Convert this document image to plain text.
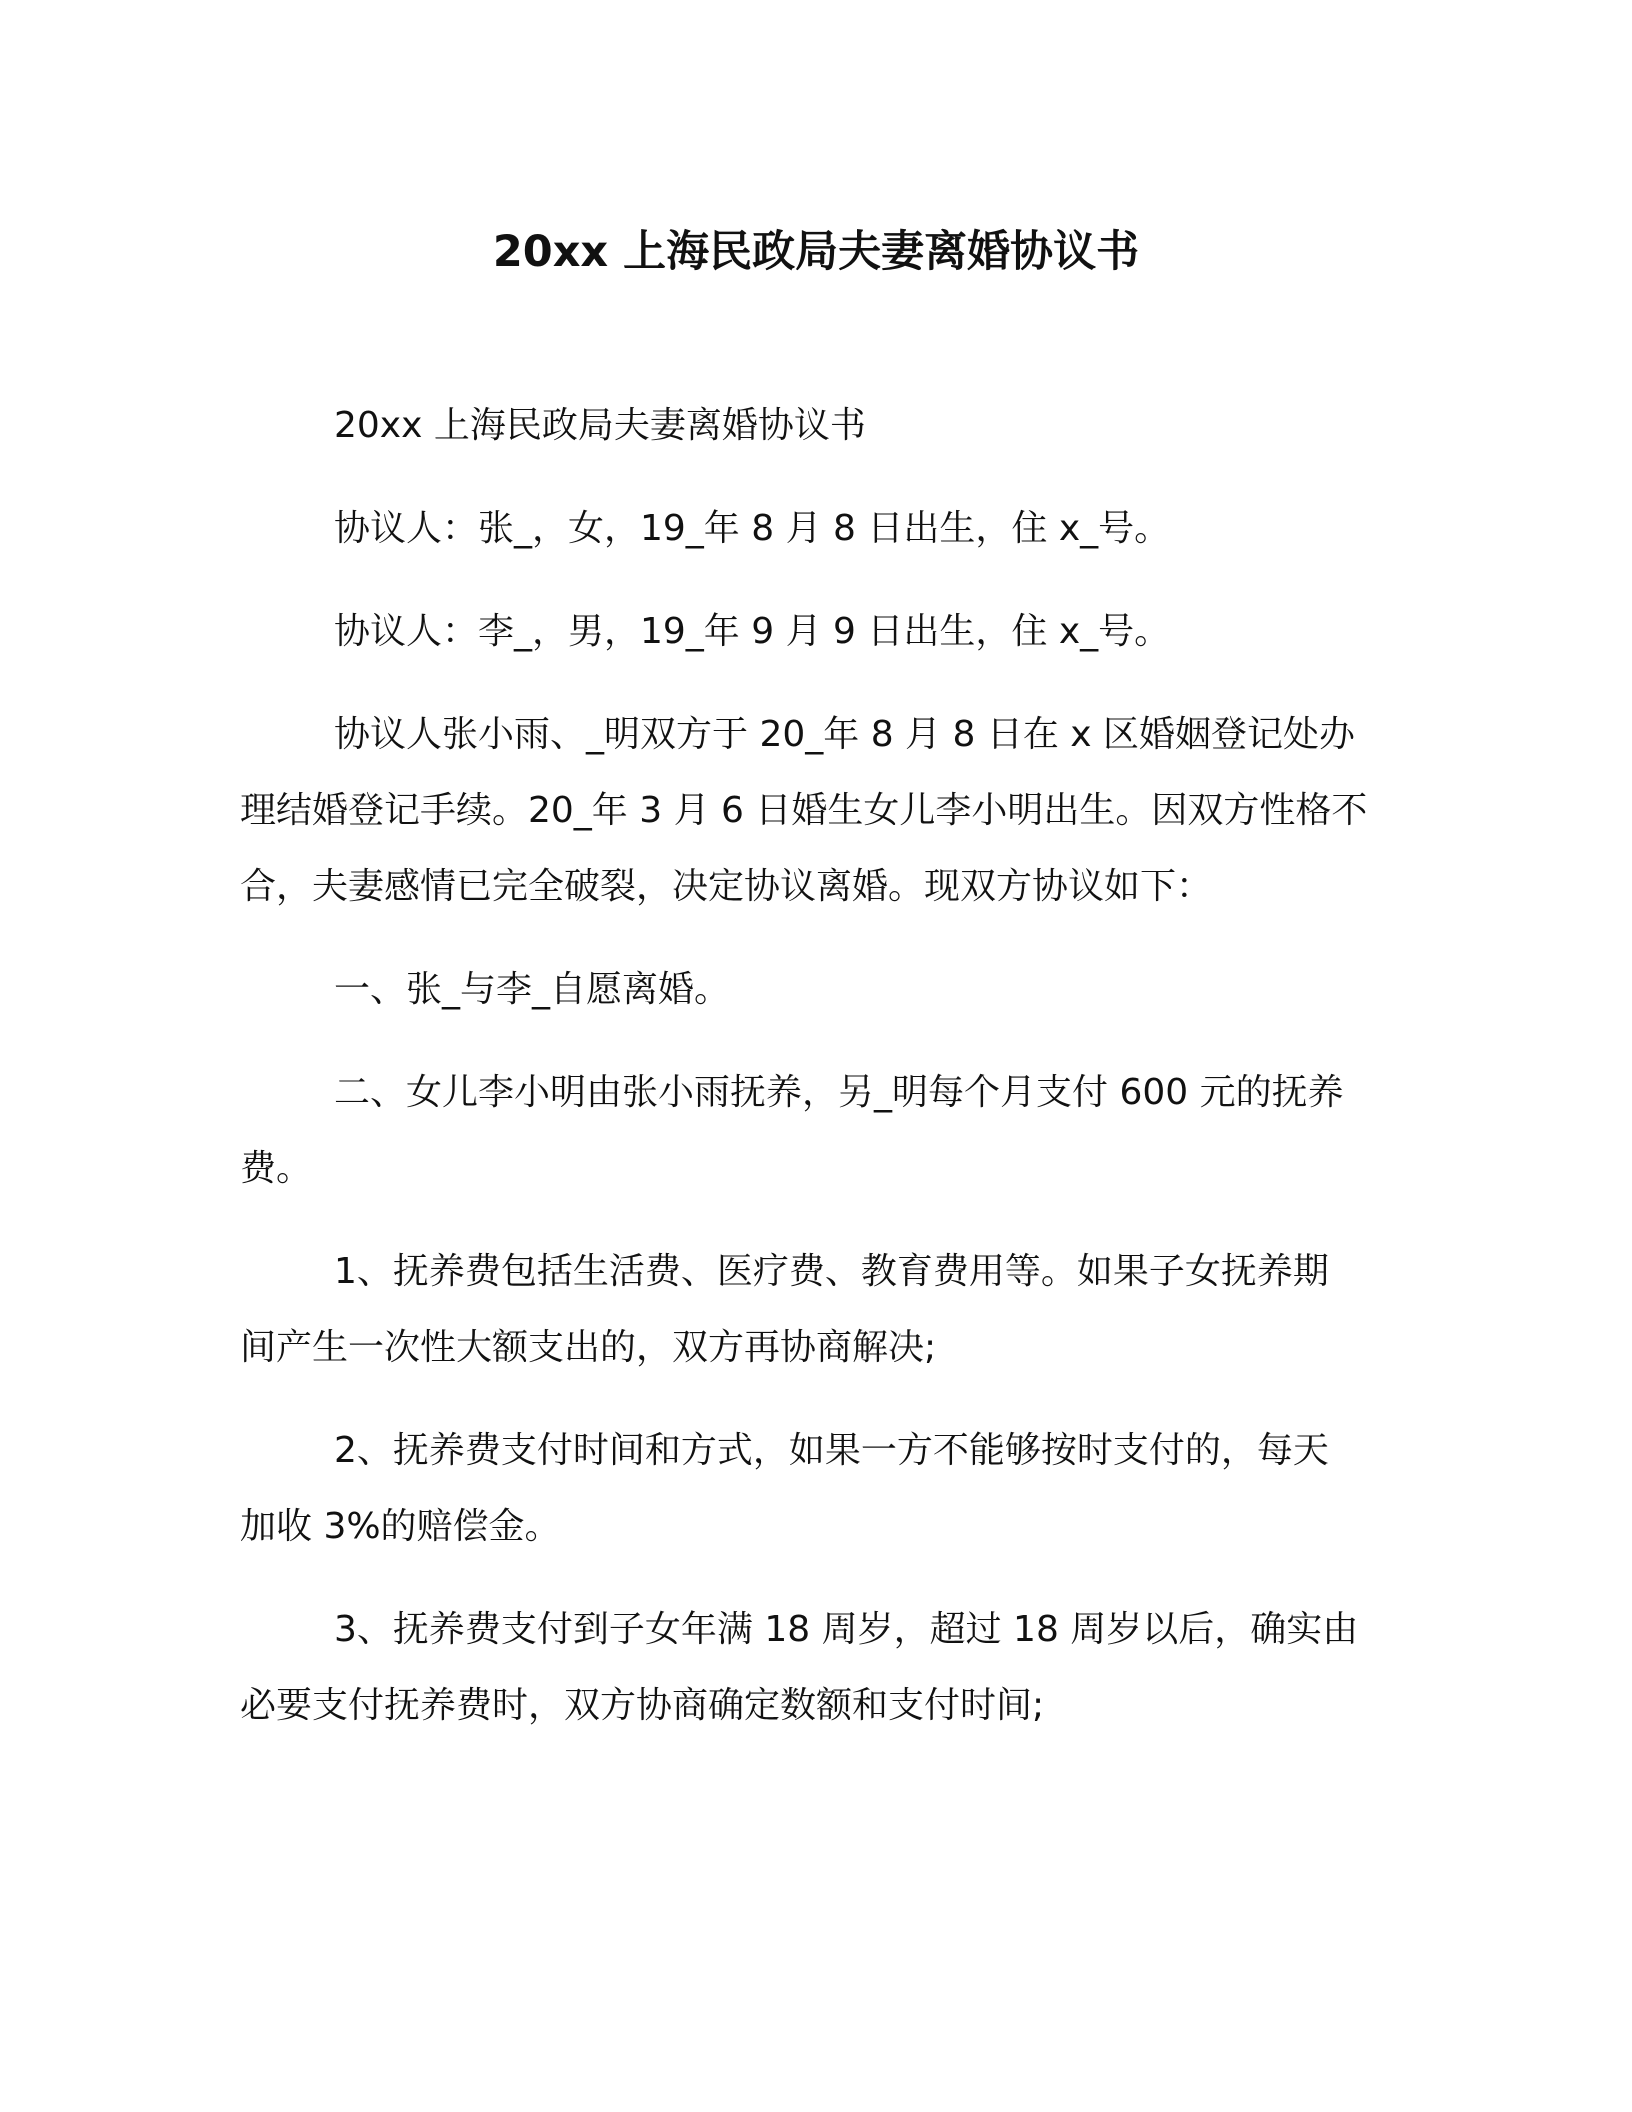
20xx 上海民政局夫妻离婚协议书

20xx 上海民政局夫妻离婚协议书

协议人：张_，女，19_年 8 月 8 日出生，住 x_号。

协议人：李_，男，19_年 9 月 9 日出生，住 x_号。

协议人张小雨、_明双方于 20_年 8 月 8 日在 x 区婚姻登记处办
理结婚登记手续。20_年 3 月 6 日婚生女儿李小明出生。因双方性格不
合，夫妻感情已完全破裂，决定协议离婚。现双方协议如下：

一、张_与李_自愿离婚。

二、女儿李小明由张小雨抚养，另_明每个月支付 600 元的抚养
费。

1、抚养费包括生活费、医疗费、教育费用等。如果子女抚养期
间产生一次性大额支出的，双方再协商解决;

2、抚养费支付时间和方式，如果一方不能够按时支付的，每天
加收 3%的赔偿金。

3、抚养费支付到子女年满 18 周岁，超过 18 周岁以后，确实由
必要支付抚养费时，双方协商确定数额和支付时间;
